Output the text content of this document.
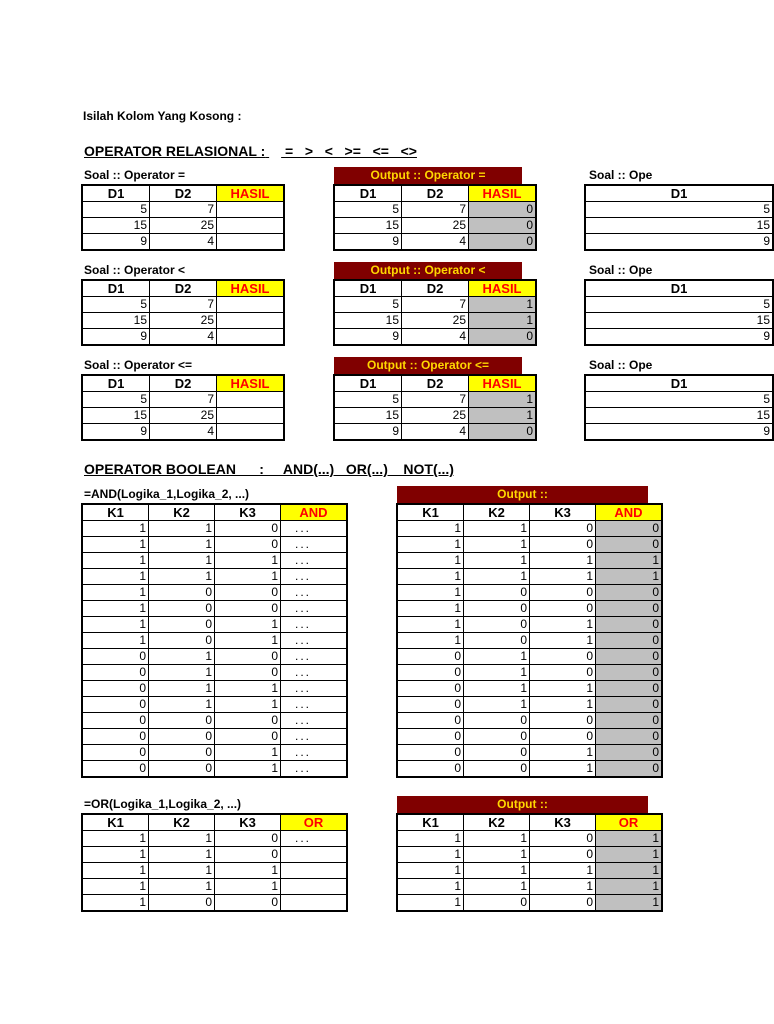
Isilah Kolom Yang Kosong :
OPERATOR RELASIONAL : =   >   <   >=   <=   <>
Soal :: Operator =	Output :: Operator =	Soal :: Ope
D1	D2	HASIL
5	7	
15	25	
9	4	
D1	D2	HASIL
5	7	0
15	25	0
9	4	0
D1
5
15
9
Soal :: Operator <	Output :: Operator <	Soal :: Ope
D1	D2	HASIL
5	7	
15	25	
9	4	
D1	D2	HASIL
5	7	1
15	25	1
9	4	0
D1
5
15
9
Soal :: Operator <=	Output :: Operator <=	Soal :: Ope
D1	D2	HASIL
5	7	
15	25	
9	4	
D1	D2	HASIL
5	7	1
15	25	1
9	4	0
D1
5
15
9
OPERATOR BOOLEAN      :     AND(...)   OR(...)    NOT(...)
=AND(Logika_1,Logika_2, ...)	Output ::
K1	K2	K3	AND
1	1	0	...
1	1	0	...
1	1	1	...
1	1	1	...
1	0	0	...
1	0	0	...
1	0	1	...
1	0	1	...
0	1	0	...
0	1	0	...
0	1	1	...
0	1	1	...
0	0	0	...
0	0	0	...
0	0	1	...
0	0	1	...
K1	K2	K3	AND
1	1	0	0
1	1	0	0
1	1	1	1
1	1	1	1
1	0	0	0
1	0	0	0
1	0	1	0
1	0	1	0
0	1	0	0
0	1	0	0
0	1	1	0
0	1	1	0
0	0	0	0
0	0	0	0
0	0	1	0
0	0	1	0
=OR(Logika_1,Logika_2, ...)	Output ::
K1	K2	K3	OR
1	1	0	...
1	1	0	
1	1	1	
1	1	1	
1	0	0	
K1	K2	K3	OR
1	1	0	1
1	1	0	1
1	1	1	1
1	1	1	1
1	0	0	1
